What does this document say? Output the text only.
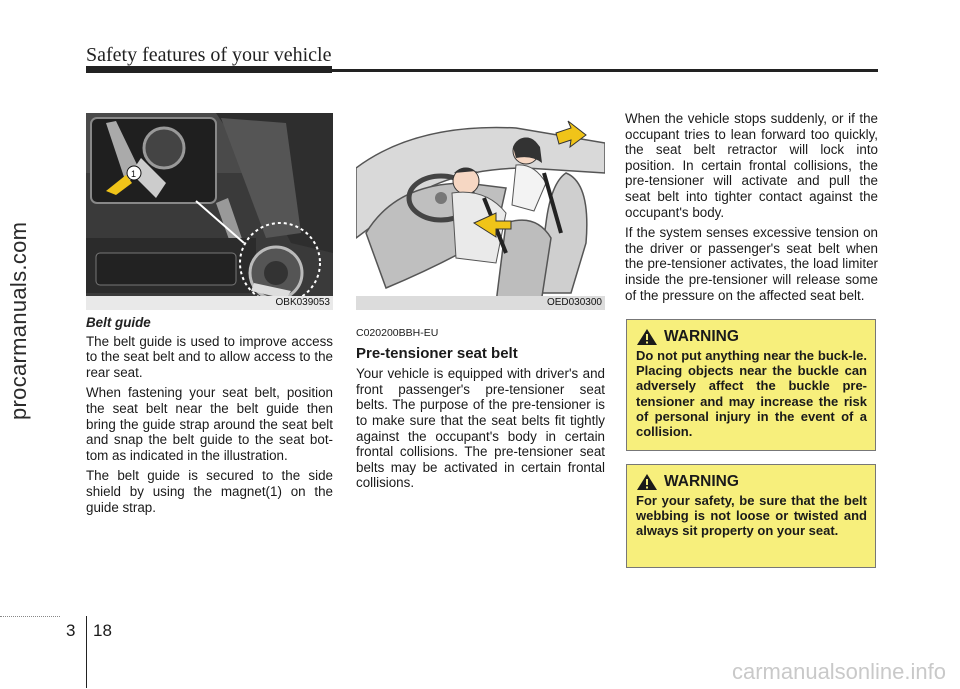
Safety features of your vehicle
procarmanuals.com
1
OBK039053	OED030300
Belt guide

The belt guide is used to improve access to the seat belt and to allow access to the rear seat.

When fastening your seat belt, position the seat belt near the belt guide then bring the guide strap around the seat belt and snap the belt guide to the seat bot-tom as indicated in the illustration.

The belt guide is secured to the side shield by using the magnet(1) on the guide strap.

C020200BBH-EU
Pre-tensioner seat belt

Your vehicle is equipped with driver's and front passenger's pre-tensioner seat belts. The purpose of the pre-tensioner is to make sure that the seat belts fit tightly against the occupant's body in certain frontal collisions. The pre-tensioner seat belts may be activated in certain frontal collisions.

When the vehicle stops suddenly, or if the occupant tries to lean forward too quickly, the seat belt retractor will lock into position. In certain frontal collisions, the pre-tensioner will activate and pull the seat belt into tighter contact against the occupant's body.

If the system senses excessive tension on the driver or passenger's seat belt when the pre-tensioner activates, the load limiter inside the pre-tensioner will release some of the pressure on the affected seat belt.

WARNING
Do not put anything near the buck-le. Placing objects near the buckle can adversely affect the buckle pre-tensioner and may increase the risk of personal injury in the event of a collision.
WARNING
For your safety, be sure that the belt webbing is not loose or twisted and always sit property on your seat.
3 18
carmanualsonline.info
